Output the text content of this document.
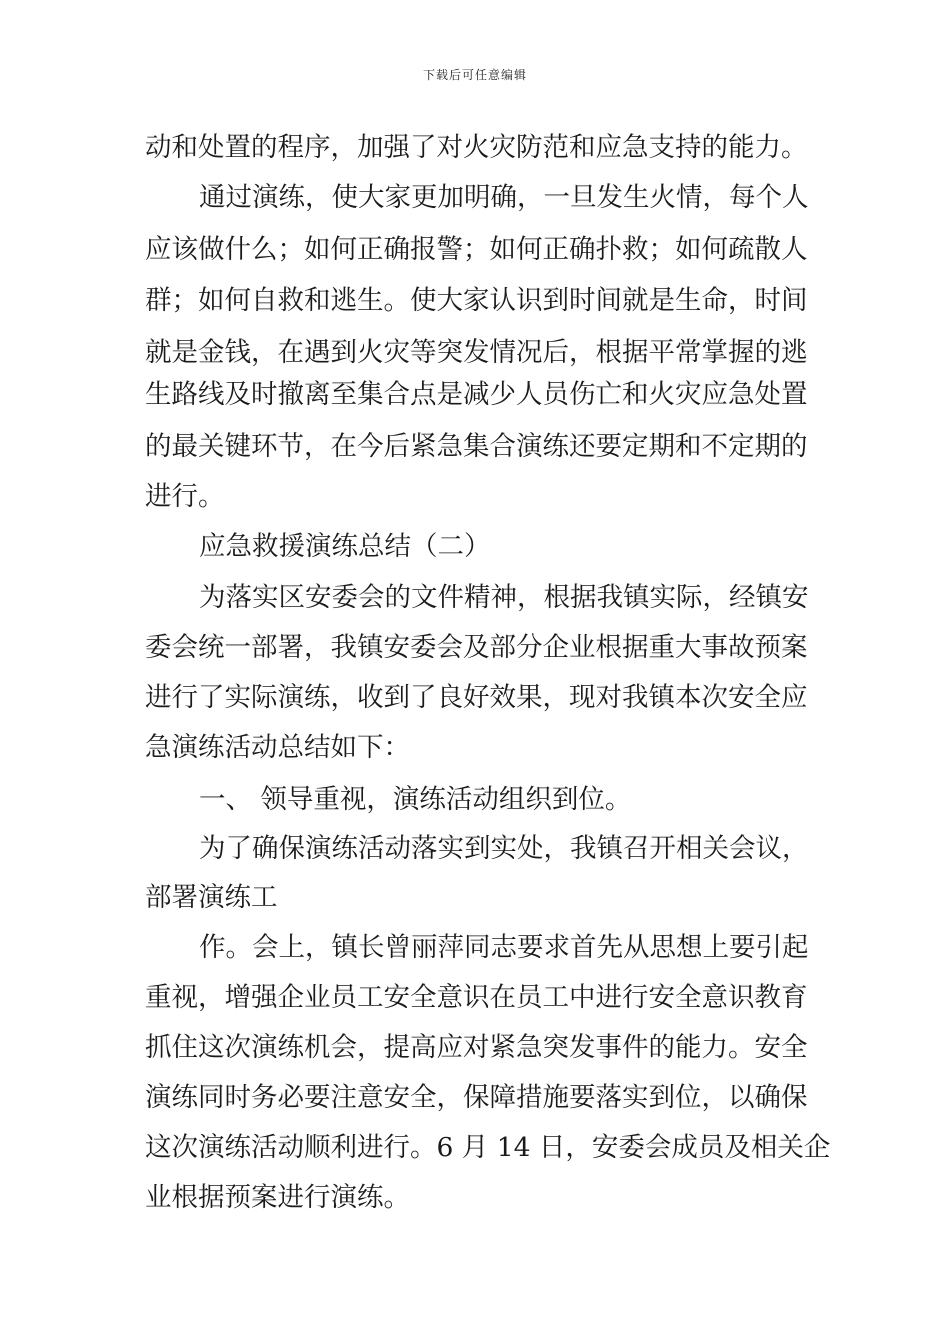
下载后可任意编辑
动和处置的程序，加强了对火灾防范和应急支持的能力。
通过演练，使大家更加明确，一旦发生火情，每个人
应该做什么；如何正确报警；如何正确扑救；如何疏散人
群；如何自救和逃生。使大家认识到时间就是生命，时间
就是金钱，在遇到火灾等突发情况后，根据平常掌握的逃
生路线及时撤离至集合点是减少人员伤亡和火灾应急处置
的最关键环节，在今后紧急集合演练还要定期和不定期的
进行。
应急救援演练总结（二）
为落实区安委会的文件精神，根据我镇实际，经镇安
委会统一部署，我镇安委会及部分企业根据重大事故预案
进行了实际演练，收到了良好效果，现对我镇本次安全应
急演练活动总结如下：
一、 领导重视，演练活动组织到位。
为了确保演练活动落实到实处，我镇召开相关会议，
部署演练工
作。会上，镇长曾丽萍同志要求首先从思想上要引起
重视，增强企业员工安全意识在员工中进行安全意识教育
抓住这次演练机会，提高应对紧急突发事件的能力。安全
演练同时务必要注意安全，保障措施要落实到位，以确保
这次演练活动顺利进行。6 月 14 日，安委会成员及相关企
业根据预案进行演练。
